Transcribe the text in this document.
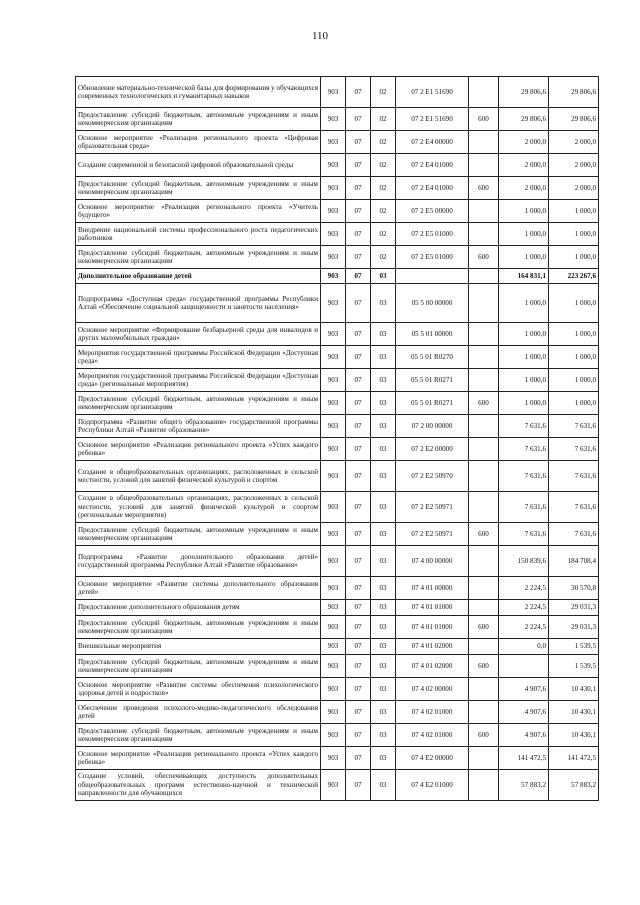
110
Обновление материально-технической базы для формирования у обучающихся современных технологических и гуманитарных навыков	903	07	02	07 2 Е1 51690		29 806,6	29 806,6
Предоставление субсидий бюджетным, автономным учреждениям и иным некоммерческим организациям	903	07	02	07 2 Е1 51690	600	29 806,6	29 806,6
Основное мероприятие «Реализация регионального проекта «Цифровая образовательная среда»	903	07	02	07 2 Е4 00000		2 000,0	2 000,0
Создание современной и безопасной цифровой образовательной среды	903	07	02	07 2 Е4 01000		2 000,0	2 000,0
Предоставление субсидий бюджетным, автономным учреждениям и иным некоммерческим организациям	903	07	02	07 2 Е4 01000	600	2 000,0	2 000,0
Основное мероприятие «Реализация регионального проекта «Учитель будущего»	903	07	02	07 2 Е5 00000		1 000,0	1 000,0
Внедрение национальной системы профессионального роста педагогических работников	903	07	02	07 2 Е5 01000		1 000,0	1 000,0
Предоставление субсидий бюджетным, автономным учреждениям и иным некоммерческим организациям	903	07	02	07 2 Е5 01000	600	1 000,0	1 000,0
Дополнительное образование детей	903	07	03			164 831,1	223 267,6
Подпрограмма «Доступная среда» государственной программы Республики Алтай «Обеспечение социальной защищенности и занятости населения»	903	07	03	05 5 00 00000		1 000,0	1 000,0
Основное мероприятие «Формирование безбарьерной среды для инвалидов и других маломобильных граждан»	903	07	03	05 5 01 00000		1 000,0	1 000,0
Мероприятия государственной программы Российской Федерации «Доступная среда»	903	07	03	05 5 01 R0270		1 000,0	1 000,0
Мероприятия государственной программы Российской Федерации «Доступная среда» (региональные мероприятия)	903	07	03	05 5 01 R0271		1 000,0	1 000,0
Предоставление субсидий бюджетным, автономным учреждениям и иным некоммерческим организациям	903	07	03	05 5 01 R0271	600	1 000,0	1 000,0
Подпрограмма «Развитие общего образования» государственной программы Республики Алтай «Развитие образования»	903	07	03	07 2 00 00000		7 631,6	7 631,6
Основное мероприятие «Реализация регионального проекта «Успех каждого ребенка»	903	07	03	07 2 Е2 00000		7 631,6	7 631,6
Создание в общеобразовательных организациях, расположенных в сельской местности, условий для занятий физической культурой и спортом	903	07	03	07 2 Е2 50970		7 631,6	7 631,6
Создание в общеобразовательных организациях, расположенных в сельской местности, условий для занятий физической культурой и спортом (региональные мероприятия)	903	07	03	07 2 Е2 50971		7 631,6	7 631,6
Предоставление субсидий бюджетным, автономным учреждениям и иным некоммерческим организациям	903	07	03	07 2 Е2 50971	600	7 631,6	7 631,6
Подпрограмма «Развитие дополнительного образования детей» государственной программы Республики Алтай «Развитие образования»	903	07	03	07 4 00 00000		150 839,6	184 708,4
Основное мероприятие «Развитие системы дополнительного образования детей»	903	07	03	07 4 01 00000		2 224,5	30 570,8
Предоставление дополнительного образования детям	903	07	03	07 4 01 01000		2 224,5	29 031,3
Предоставление субсидий бюджетным, автономным учреждениям и иным некоммерческим организациям	903	07	03	07 4 01 01000	600	2 224,5	29 031,3
Внешкольные мероприятия	903	07	03	07 4 01 02000		0,0	1 539,5
Предоставление субсидий бюджетным, автономным учреждениям и иным некоммерческим организациям	903	07	03	07 4 01 02000	600		1 539,5
Основное мероприятие «Развитие системы обеспечения психологического здоровья детей и подростков»	903	07	03	07 4 02 00000		4 907,6	10 430,1
Обеспечение проведения психолого-медико-педагогического обследования детей	903	07	03	07 4 02 01000		4 907,6	10 430,1
Предоставление субсидий бюджетным, автономным учреждениям и иным некоммерческим организациям	903	07	03	07 4 02 01000	600	4 907,6	10 430,1
Основное мероприятие «Реализация регионального проекта «Успех каждого ребенка»	903	07	03	07 4 Е2 00000		141 472,5	141 472,5
Создание условий, обеспечивающих доступность дополнительных общеобразовательных программ естественно-научной и технической направленности для обучающихся	903	07	03	07 4 Е2 01000		57 883,2	57 883,2
